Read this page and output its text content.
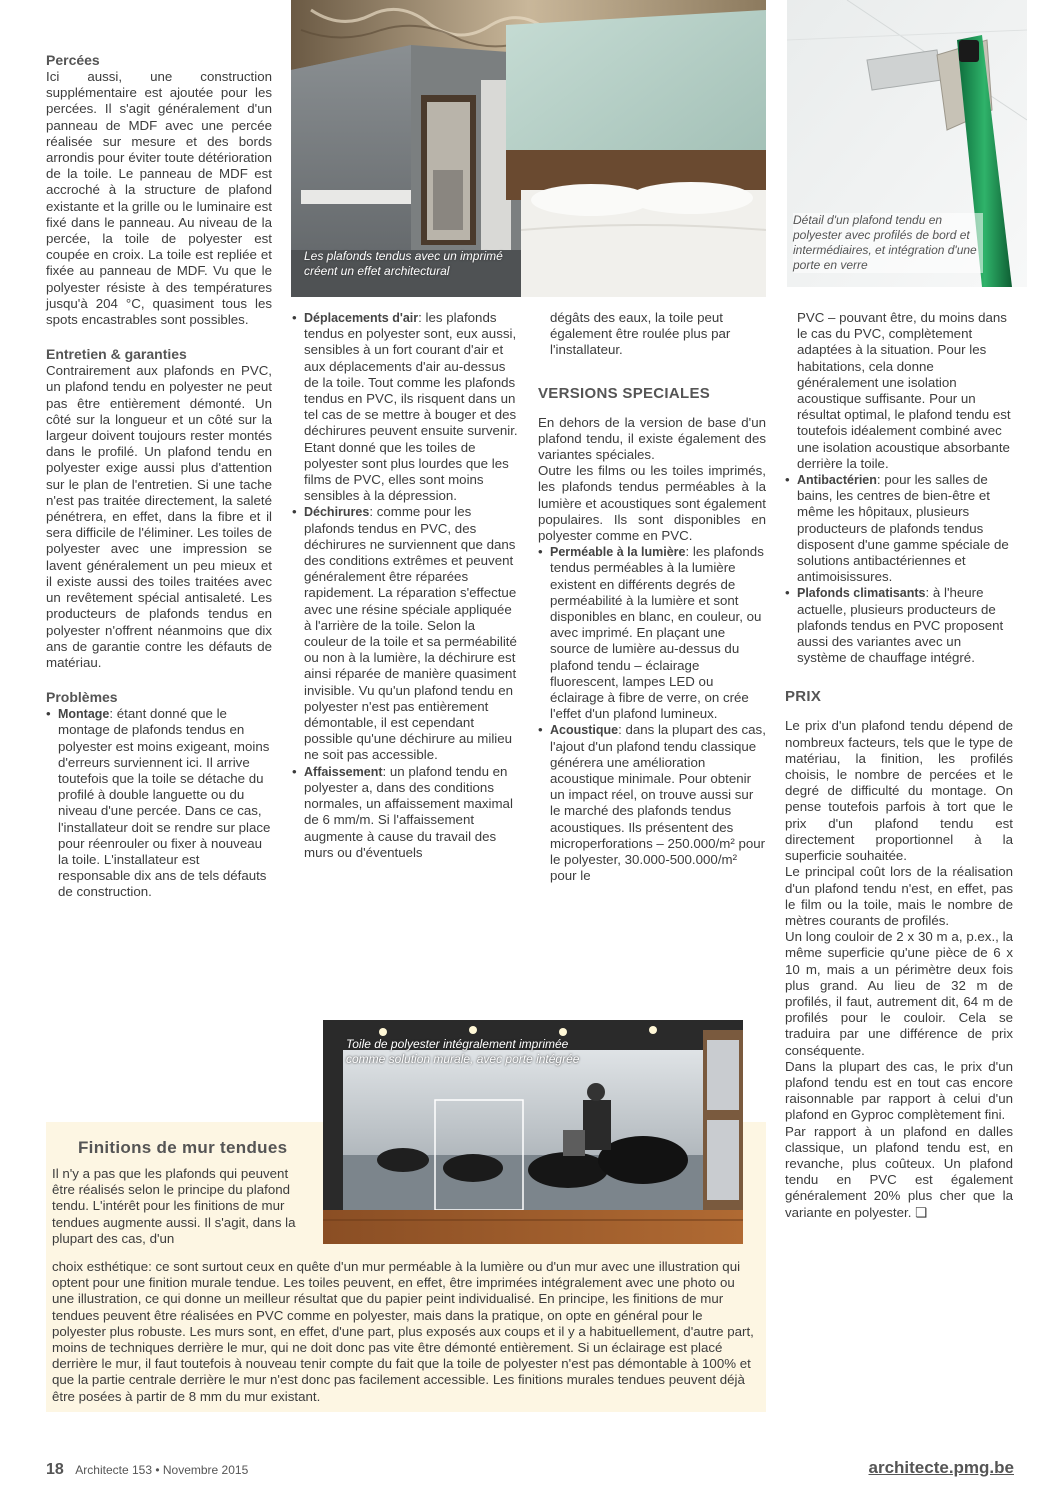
Les plafonds tendus avec un imprimé créent un effet architectural
Détail d'un plafond tendu en polyester avec profilés de bord et intermédiaires, et intégration d'une porte en verre
Percées

Ici aussi, une construction supplémentaire est ajoutée pour les percées. Il s'agit généralement d'un panneau de MDF avec une percée réalisée sur mesure et des bords arrondis pour éviter toute détérioration de la toile. Le panneau de MDF est accroché à la structure de plafond existante et la grille ou le luminaire est fixé dans le panneau. Au niveau de la percée, la toile de polyester est coupée en croix. La toile est repliée et fixée au panneau de MDF. Vu que le polyester résiste à des températures jusqu'à 204 °C, quasiment tous les spots encastrables sont possibles.

Entretien & garanties

Contrairement aux plafonds en PVC, un plafond tendu en polyester ne peut pas être entièrement démonté. Un côté sur la longueur et un côté sur la largeur doivent toujours rester montés dans le profilé. Un plafond tendu en polyester exige aussi plus d'attention sur le plan de l'entretien. Si une tache n'est pas traitée directement, la saleté pénétrera, en effet, dans la fibre et il sera difficile de l'éliminer. Les toiles de polyester avec une impression se lavent généralement un peu mieux et il existe aussi des toiles traitées avec un revêtement spécial antisaleté. Les producteurs de plafonds tendus en polyester n'offrent néanmoins que dix ans de garantie contre les défauts de matériau.

Problèmes

• Montage: étant donné que le montage de plafonds tendus en polyester est moins exigeant, moins d'erreurs surviennent ici. Il arrive toutefois que la toile se détache du profilé à double languette ou du niveau d'une percée. Dans ce cas, l'installateur doit se rendre sur place pour réenrouler ou fixer à nouveau la toile. L'installateur est responsable dix ans de tels défauts de construction.

• Déplacements d'air: les plafonds tendus en polyester sont, eux aussi, sensibles à un fort courant d'air et aux déplacements d'air au-dessus de la toile. Tout comme les plafonds tendus en PVC, ils risquent dans un tel cas de se mettre à bouger et des déchirures peuvent ensuite survenir. Etant donné que les toiles de polyester sont plus lourdes que les films de PVC, elles sont moins sensibles à la dépression.

• Déchirures: comme pour les plafonds tendus en PVC, des déchirures ne surviennent que dans des conditions extrêmes et peuvent généralement être réparées rapidement. La réparation s'effectue avec une résine spéciale appliquée à l'arrière de la toile. Selon la couleur de la toile et sa perméabilité ou non à la lumière, la déchirure est ainsi réparée de manière quasiment invisible. Vu qu'un plafond tendu en polyester n'est pas entièrement démontable, il est cependant possible qu'une déchirure au milieu ne soit pas accessible.

• Affaissement: un plafond tendu en polyester a, dans des conditions normales, un affaissement maximal de 6 mm/m. Si l'affaissement augmente à cause du travail des murs ou d'éventuels

dégâts des eaux, la toile peut également être roulée plus par l'installateur.

VERSIONS SPECIALES

En dehors de la version de base d'un plafond tendu, il existe également des variantes spéciales.

Outre les films ou les toiles imprimés, les plafonds tendus perméables à la lumière et acoustiques sont également populaires. Ils sont disponibles en polyester comme en PVC.

• Perméable à la lumière: les plafonds tendus perméables à la lumière existent en différents degrés de perméabilité à la lumière et sont disponibles en blanc, en couleur, ou avec imprimé. En plaçant une source de lumière au-dessus du plafond tendu – éclairage fluorescent, lampes LED ou éclairage à fibre de verre, on crée l'effet d'un plafond lumineux.

• Acoustique: dans la plupart des cas, l'ajout d'un plafond tendu classique générera une amélioration acoustique minimale. Pour obtenir un impact réel, on trouve aussi sur le marché des plafonds tendus acoustiques. Ils présentent des microperforations – 250.000/m² pour le polyester, 30.000-500.000/m² pour le

PVC – pouvant être, du moins dans le cas du PVC, complètement adaptées à la situation. Pour les habitations, cela donne généralement une isolation acoustique suffisante. Pour un résultat optimal, le plafond tendu est toutefois idéalement combiné avec une isolation acoustique absorbante derrière la toile.

• Antibactérien: pour les salles de bains, les centres de bien-être et même les hôpitaux, plusieurs producteurs de plafonds tendus disposent d'une gamme spéciale de solutions antibactériennes et antimoisissures.

• Plafonds climatisants: à l'heure actuelle, plusieurs producteurs de plafonds tendus en PVC proposent aussi des variantes avec un système de chauffage intégré.

PRIX

Le prix d'un plafond tendu dépend de nombreux facteurs, tels que le type de matériau, la finition, les profilés choisis, le nombre de percées et le degré de difficulté du montage. On pense toutefois parfois à tort que le prix d'un plafond tendu est directement proportionnel à la superficie souhaitée.

Le principal coût lors de la réalisation d'un plafond tendu n'est, en effet, pas le film ou la toile, mais le nombre de mètres courants de profilés.

Un long couloir de 2 x 30 m a, p.ex., la même superficie qu'une pièce de 6 x 10 m, mais a un périmètre deux fois plus grand. Au lieu de 32 m de profilés, il faut, autrement dit, 64 m de profilés pour le couloir. Cela se traduira par une différence de prix conséquente.

Dans la plupart des cas, le prix d'un plafond tendu est en tout cas encore raisonnable par rapport à celui d'un plafond en Gyproc complètement fini.

Par rapport à un plafond en dalles classique, un plafond tendu est, en revanche, plus coûteux. Un plafond tendu en PVC est également généralement 20% plus cher que la variante en polyester. ❏

Finitions de mur tendues

Il n'y a pas que les plafonds qui peuvent être réalisés selon le principe du plafond tendu. L'intérêt pour les finitions de mur tendues augmente aussi. Il s'agit, dans la plupart des cas, d'un

choix esthétique: ce sont surtout ceux en quête d'un mur perméable à la lumière ou d'un mur avec une illustration qui optent pour une finition murale tendue. Les toiles peuvent, en effet, être imprimées intégralement avec une photo ou une illustration, ce qui donne un meilleur résultat que du papier peint individualisé. En principe, les finitions de mur tendues peuvent être réalisées en PVC comme en polyester, mais dans la pratique, on opte en général pour le polyester plus robuste. Les murs sont, en effet, d'une part, plus exposés aux coups et il y a habituellement, d'autre part, moins de techniques derrière le mur, qui ne doit donc pas vite être démonté entièrement. Si un éclairage est placé derrière le mur, il faut toutefois à nouveau tenir compte du fait que la toile de polyester n'est pas démontable à 100% et que la partie centrale derrière le mur n'est donc pas facilement accessible. Les finitions murales tendues peuvent déjà être posées à partir de 8 mm du mur existant.

Toile de polyester intégralement imprimée comme solution murale, avec porte intégrée
18 Architecte 153 • Novembre 2015	architecte.pmg.be
